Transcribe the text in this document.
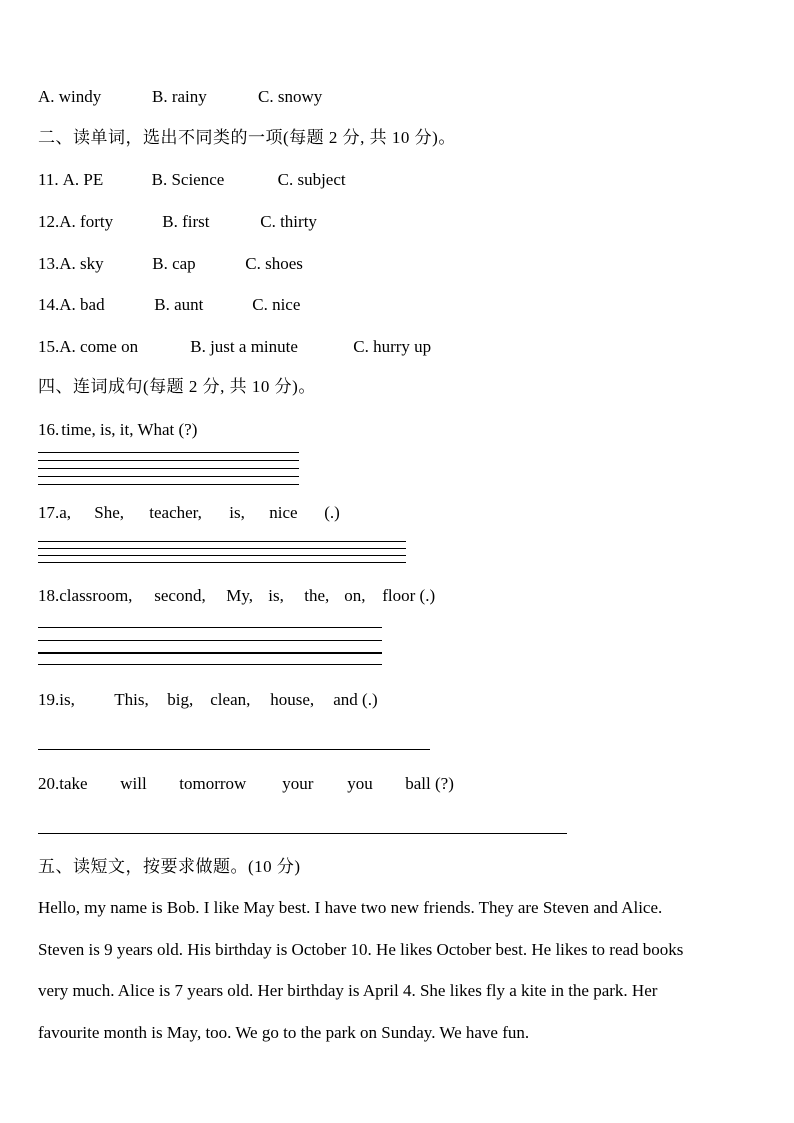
A. windy	B. rainy	C. snowy
二、读单词，选出不同类的一项(每题 2 分, 共 10 分)。
11. A. PE	B. Science	C. subject
12.A. forty	B. first	C. thirty
13.A. sky	B. cap	C. shoes
14.A. bad	B. aunt	C. nice
15.A. come on	B. just a minute	C. hurry up
四、连词成句(每题 2 分, 共 10 分)。
16. time, is, it, What (?)
17.a, She, teacher, is, nice (.)
18.classroom, second, My, is, the, on, floor (.)
19.is, This, big, clean, house, and (.)
20.take will tomorrow your you ball (?)
五、读短文，按要求做题。(10 分)
Hello, my name is Bob. I like May best. I have two new friends. They are Steven and Alice.
Steven is 9 years old. His birthday is October 10. He likes October best. He likes to read books
very much. Alice is 7 years old. Her birthday is April 4. She likes fly a kite in the park. Her
favourite month is May, too. We go to the park on Sunday. We have fun.
